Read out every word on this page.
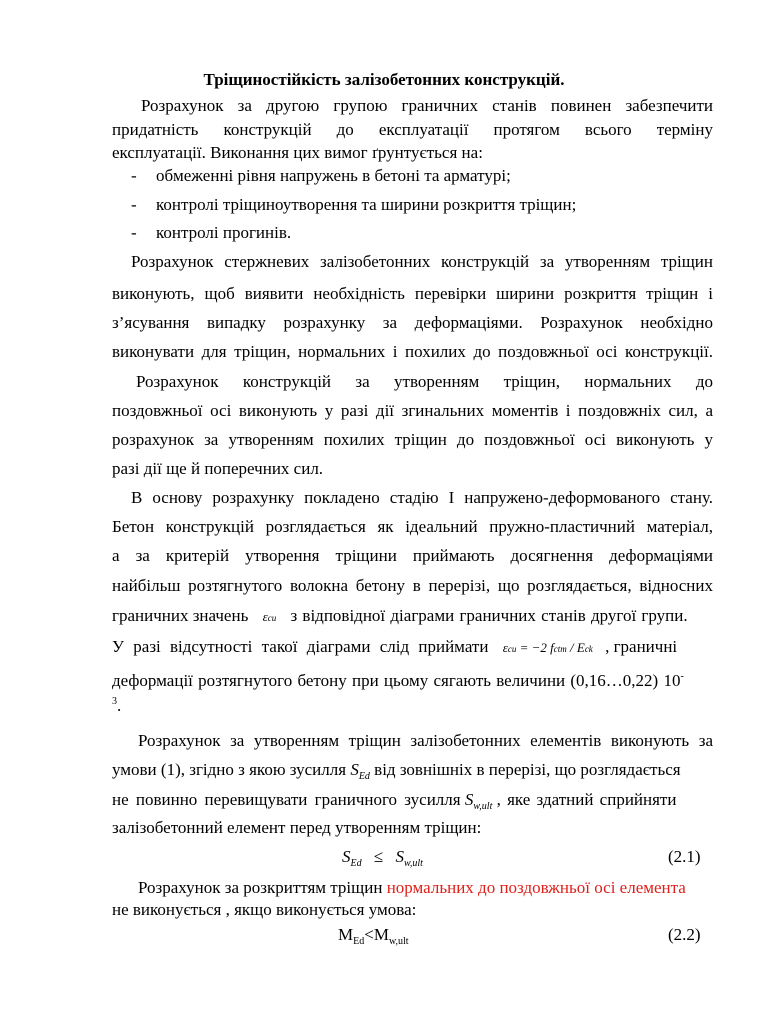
Тріщиностійкість залізобетонних конструкцій.
Розрахунок за другою групою граничних станів повинен забезпечити
придатність конструкцій до експлуатації протягом всього терміну
експлуатації. Виконання цих вимог ґрунтується на:
- обмеженні рівня напружень в бетоні та арматурі;
- контролі тріщиноутворення та ширини розкриття тріщин;
- контролі прогинів.
Розрахунок стержневих залізобетонних конструкцій за утворенням тріщин
виконують, щоб виявити необхідність перевірки ширини розкриття тріщин і
з’ясування випадку розрахунку за деформаціями. Розрахунок необхідно
виконувати для тріщин, нормальних і похилих до поздовжньої осі конструкції.
Розрахунок конструкцій за утворенням тріщин, нормальних до
поздовжньої осі виконують у разі дії згинальних моментів і поздовжніх сил, а
розрахунок за утворенням похилих тріщин до поздовжньої осі виконують у
разі дії ще й поперечних сил.
В основу розрахунку покладено стадію I напружено-деформованого стану.
Бетон конструкцій розглядається як ідеальний пружно-пластичний матеріал,
а за критерій утворення тріщини приймають досягнення деформаціями
найбільш розтягнутого волокна бетону в перерізі, що розглядається, відносних
граничних значень εcu з відповідної діаграми граничних станів другої групи.
У разі відсутності такої діаграми слід приймати εcu = −2 fctm / Eck , граничні
деформації розтягнутого бетону при цьому сягають величини (0,16…0,22) 10-
$^3$.
Розрахунок за утворенням тріщин залізобетонних елементів виконують за
умови (1), згідно з якою зусилля $S_{Ed}$ від зовнішніх в перерізі, що розглядається
не повинно перевищувати граничного зусилля $S_{w,ult}$ , яке здатний сприйняти
залізобетонний елемент перед утворенням тріщин:
$S_{Ed} \le S_{w,ult}$	(2.1)
Розрахунок за розкриттям тріщин нормальних до поздовжньої осі елемента
не виконується , якщо виконується умова:
$M_{Ed}<M_{w,ult}$	(2.2)
